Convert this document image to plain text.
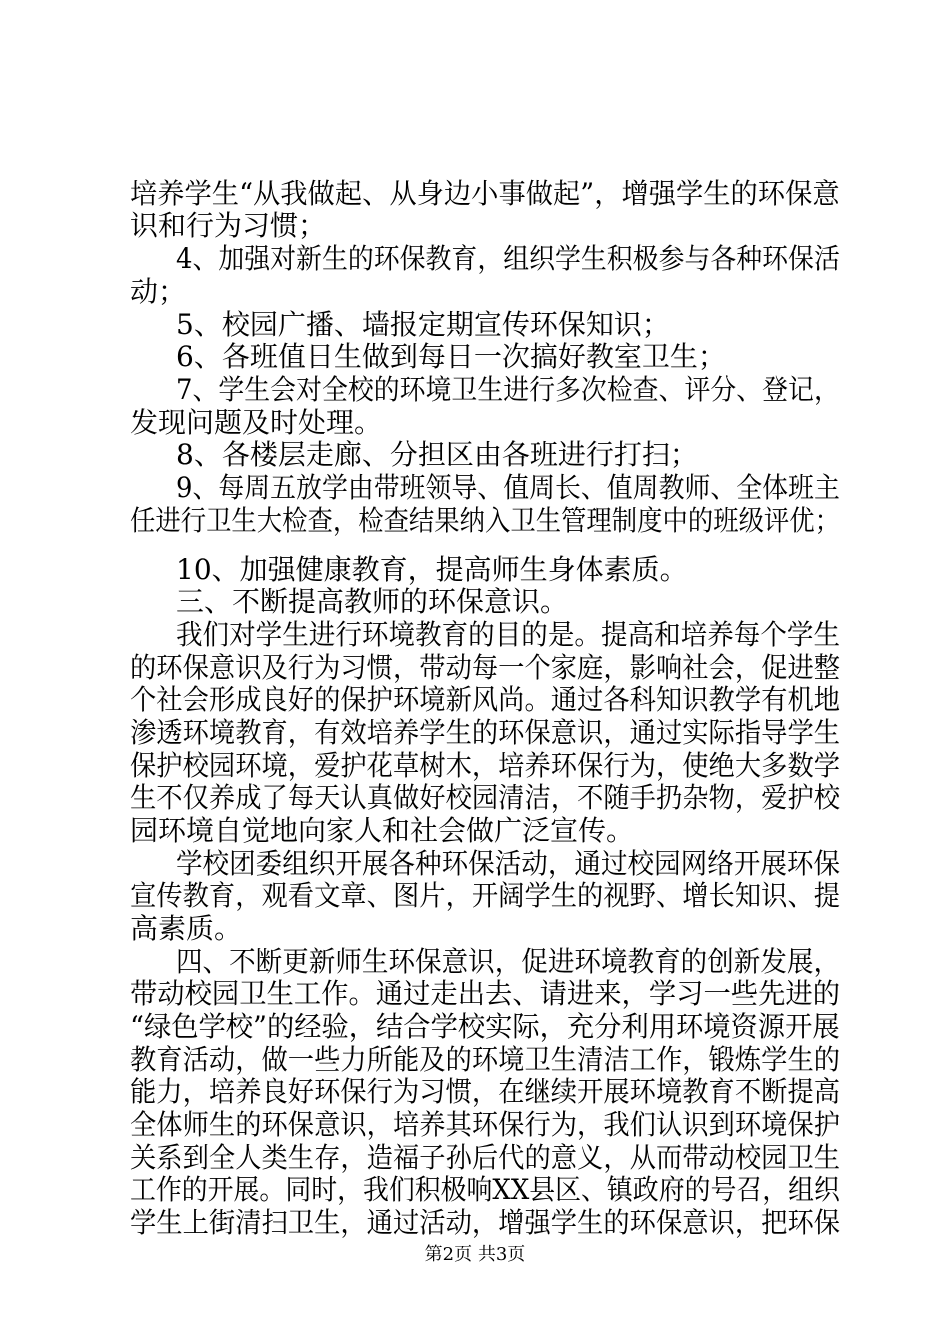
培养学生“从我做起、从身边小事做起”，增强学生的环保意
识和行为习惯；
4、加强对新生的环保教育，组织学生积极参与各种环保活
动；
5、校园广播、墙报定期宣传环保知识；
6、各班值日生做到每日一次搞好教室卫生；
7、学生会对全校的环境卫生进行多次检查、评分、登记，
发现问题及时处理。
8、各楼层走廊、分担区由各班进行打扫；
9、每周五放学由带班领导、值周长、值周教师、全体班主
任进行卫生大检查，检查结果纳入卫生管理制度中的班级评优；
10、加强健康教育，提高师生身体素质。
三、不断提高教师的环保意识。
我们对学生进行环境教育的目的是。提高和培养每个学生
的环保意识及行为习惯，带动每一个家庭，影响社会，促进整
个社会形成良好的保护环境新风尚。通过各科知识教学有机地
渗透环境教育，有效培养学生的环保意识，通过实际指导学生
保护校园环境，爱护花草树木，培养环保行为，使绝大多数学
生不仅养成了每天认真做好校园清洁，不随手扔杂物，爱护校
园环境自觉地向家人和社会做广泛宣传。
学校团委组织开展各种环保活动，通过校园网络开展环保
宣传教育，观看文章、图片，开阔学生的视野、增长知识、提
高素质。
四、不断更新师生环保意识，促进环境教育的创新发展，
带动校园卫生工作。通过走出去、请进来，学习一些先进的
“绿色学校”的经验，结合学校实际，充分利用环境资源开展
教育活动，做一些力所能及的环境卫生清洁工作，锻炼学生的
能力，培养良好环保行为习惯，在继续开展环境教育不断提高
全体师生的环保意识，培养其环保行为，我们认识到环境保护
关系到全人类生存，造福子孙后代的意义，从而带动校园卫生
工作的开展。同时，我们积极响XX县区、镇政府的号召，组织
学生上街清扫卫生，通过活动，增强学生的环保意识，把环保
第2页 共3页
